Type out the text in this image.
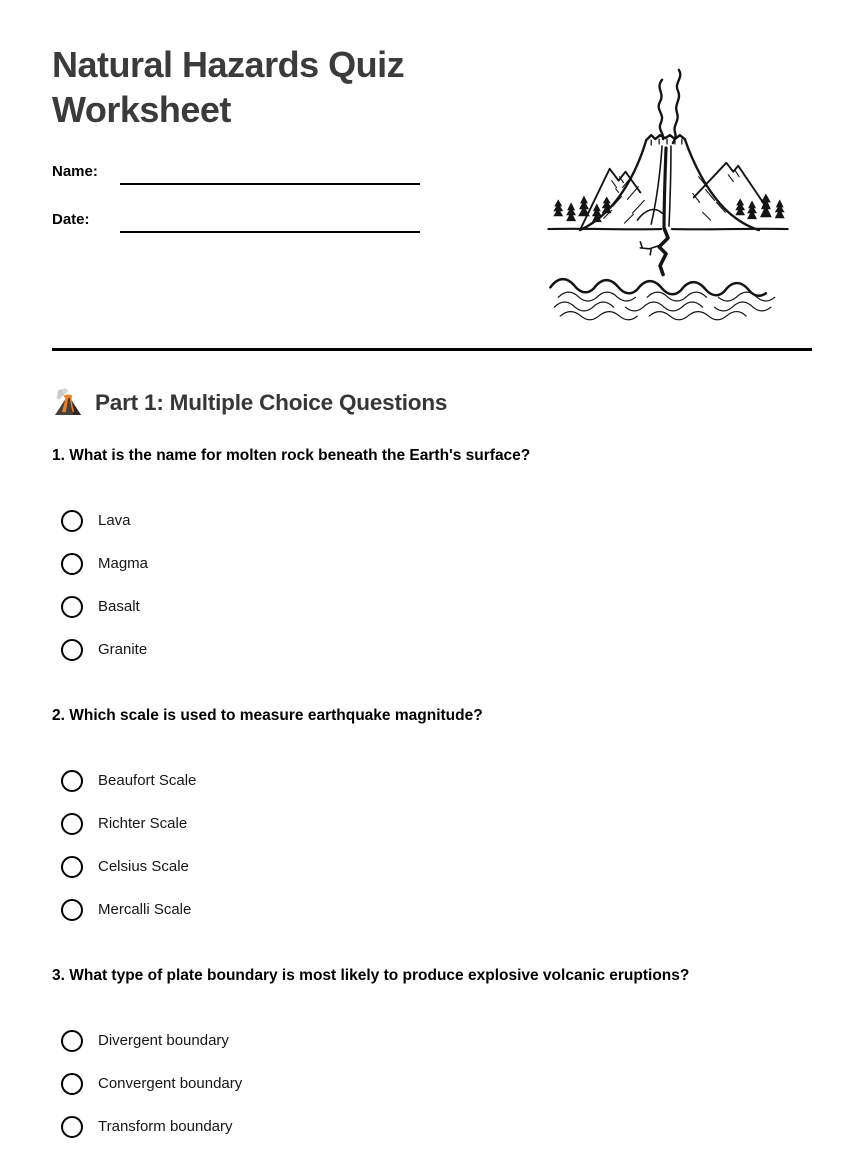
Natural Hazards Quiz Worksheet
Name:
Date:
Part 1: Multiple Choice Questions

1. What is the name for molten rock beneath the Earth's surface?

Lava
Magma
Basalt
Granite

2. Which scale is used to measure earthquake magnitude?

Beaufort Scale
Richter Scale
Celsius Scale
Mercalli Scale

3. What type of plate boundary is most likely to produce explosive volcanic eruptions?

Divergent boundary
Convergent boundary
Transform boundary
